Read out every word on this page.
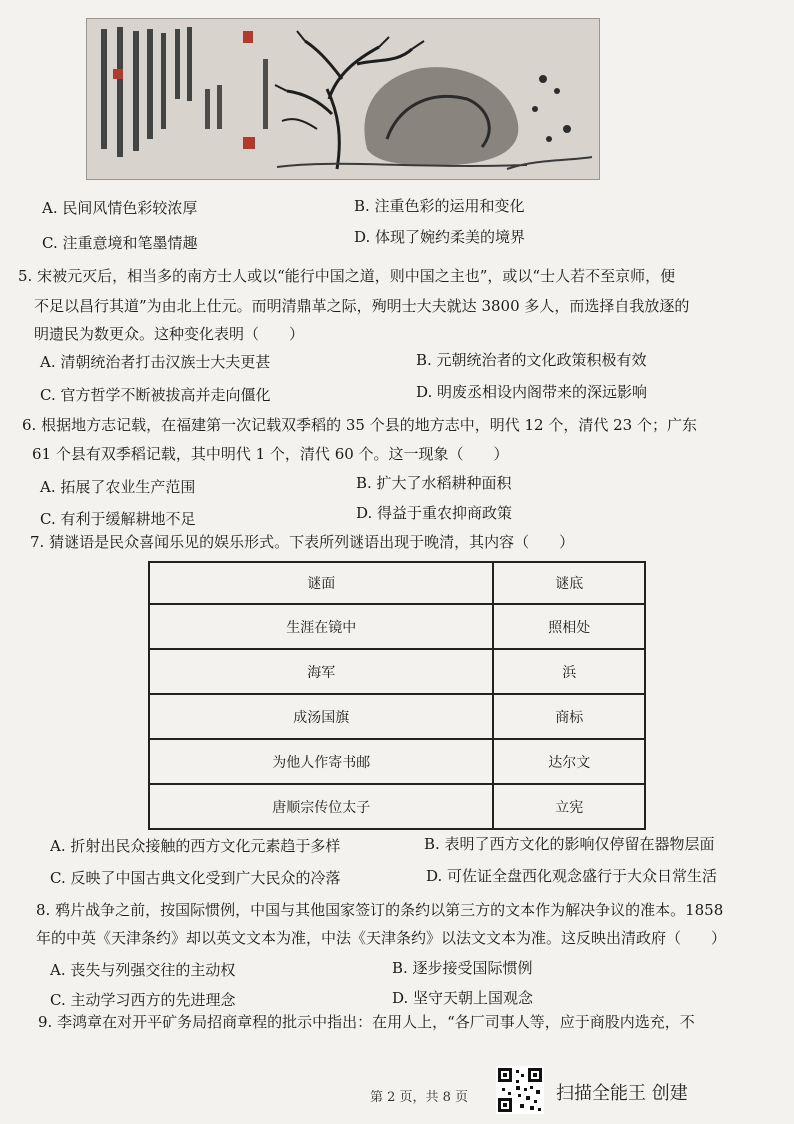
A. 民间风情色彩较浓厚	B. 注重色彩的运用和变化
C. 注重意境和笔墨情趣	D. 体现了婉约柔美的境界
5. 宋被元灭后，相当多的南方士人或以“能行中国之道，则中国之主也”，或以“士人若不至京师，便
不足以昌行其道”为由北上仕元。而明清鼎革之际，殉明士大夫就达 3800 多人，而选择自我放逐的
明遗民为数更众。这种变化表明（　　）
A. 清朝统治者打击汉族士大夫更甚	B. 元朝统治者的文化政策积极有效
C. 官方哲学不断被拔高并走向僵化	D. 明废丞相设内阁带来的深远影响
6. 根据地方志记载，在福建第一次记载双季稻的 35 个县的地方志中，明代 12 个，清代 23 个；广东
61 个县有双季稻记载，其中明代 1 个，清代 60 个。这一现象（　　）
A. 拓展了农业生产范围	B. 扩大了水稻耕种面积
C. 有利于缓解耕地不足	D. 得益于重农抑商政策
7. 猜谜语是民众喜闻乐见的娱乐形式。下表所列谜语出现于晚清，其内容（　　）
谜面	谜底
生涯在镜中	照相处
海军	浜
成汤国旗	商标
为他人作寄书邮	达尔文
唐顺宗传位太子	立宪
A. 折射出民众接触的西方文化元素趋于多样	B. 表明了西方文化的影响仅停留在器物层面
C. 反映了中国古典文化受到广大民众的冷落	D. 可佐证全盘西化观念盛行于大众日常生活
8. 鸦片战争之前，按国际惯例，中国与其他国家签订的条约以第三方的文本作为解决争议的准本。1858
年的中英《天津条约》却以英文文本为准，中法《天津条约》以法文文本为准。这反映出清政府（　　）
A. 丧失与列强交往的主动权	B. 逐步接受国际惯例
C. 主动学习西方的先进理念	D. 坚守天朝上国观念
9. 李鸿章在对开平矿务局招商章程的批示中指出：在用人上，“各厂司事人等，应于商股内选充，不
第 2 页，共 8 页	扫描全能王 创建
